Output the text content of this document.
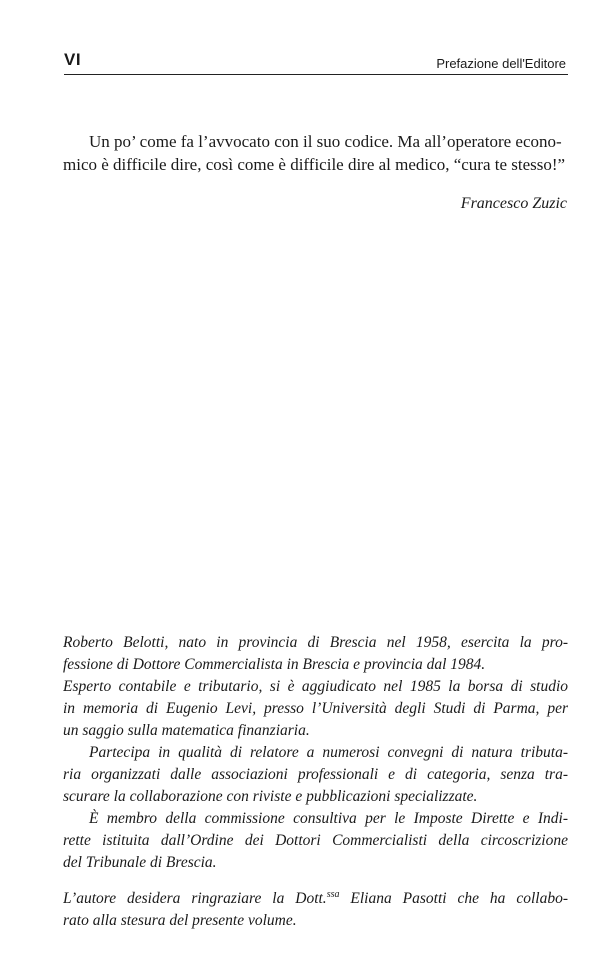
VI	Prefazione dell'Editore
Un po’ come fa l’avvocato con il suo codice. Ma all’operatore econo-
mico è difficile dire, così come è difficile dire al medico, “cura te stesso!”
Francesco Zuzic
Roberto Belotti, nato in provincia di Brescia nel 1958, esercita la pro-
fessione di Dottore Commercialista in Brescia e provincia dal 1984.
Esperto contabile e tributario, si è aggiudicato nel 1985 la borsa di studio
in memoria di Eugenio Levi, presso l’Università degli Studi di Parma, per
un saggio sulla matematica finanziaria.
Partecipa in qualità di relatore a numerosi convegni di natura tributa-
ria organizzati dalle associazioni professionali e di categoria, senza tra-
scurare la collaborazione con riviste e pubblicazioni specializzate.
È membro della commissione consultiva per le Imposte Dirette e Indi-
rette istituita dall’Ordine dei Dottori Commercialisti della circoscrizione
del Tribunale di Brescia.
L’autore desidera ringraziare la Dott.$^{ssa}$ Eliana Pasotti che ha collabo-
rato alla stesura del presente volume.
